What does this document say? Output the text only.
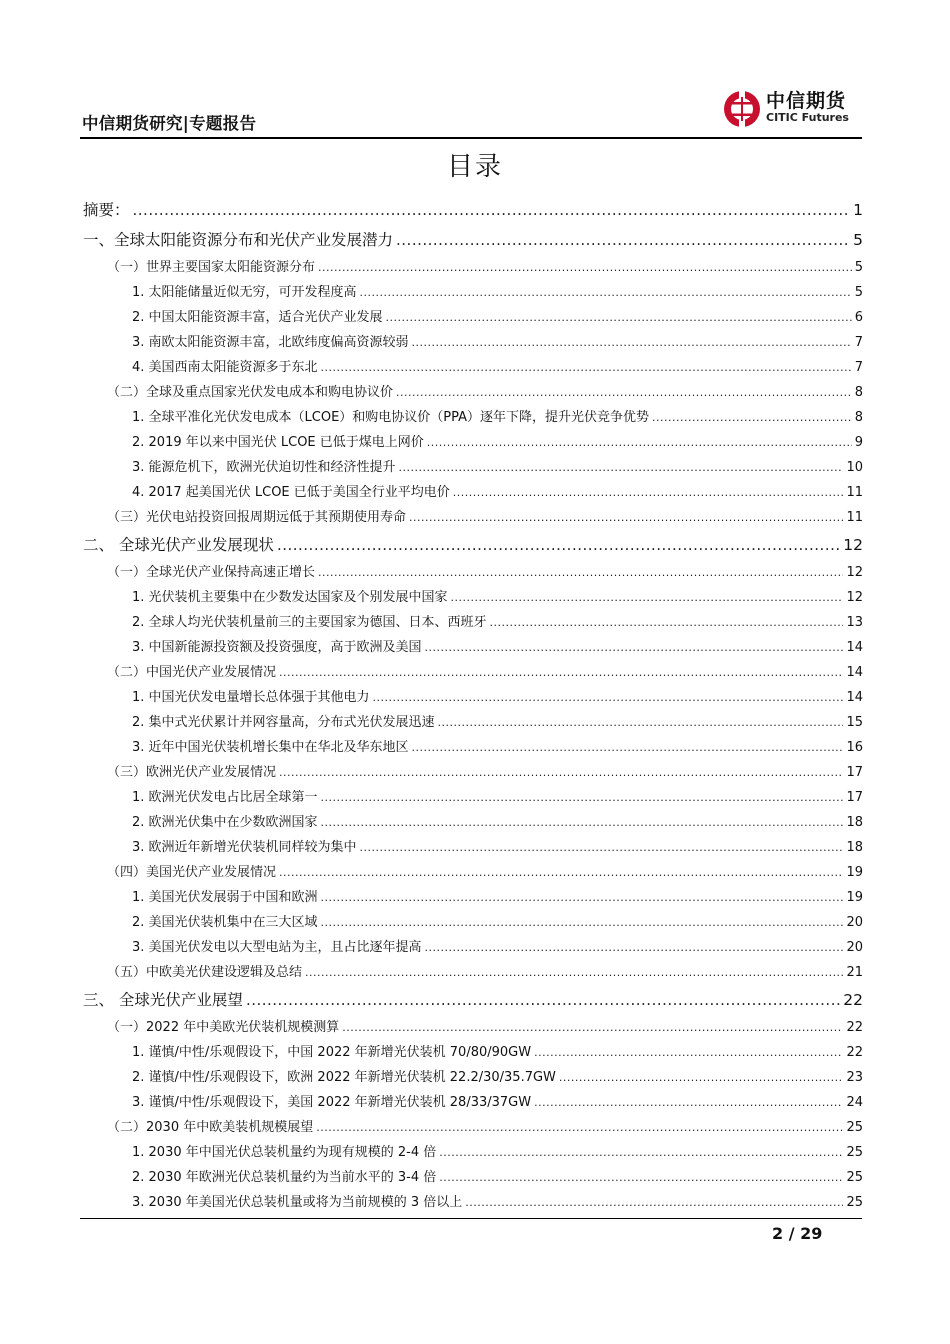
中信期货研究|专题报告
中信期货
CITIC Futures
目录
摘要： .....	1
一、全球太阳能资源分布和光伏产业发展潜力 .....	5
（一）世界主要国家太阳能资源分布 .....	5
1. 太阳能储量近似无穷，可开发程度高 .....	5
2. 中国太阳能资源丰富，适合光伏产业发展 .....	6
3. 南欧太阳能资源丰富，北欧纬度偏高资源较弱 .....	7
4. 美国西南太阳能资源多于东北 .....	7
（二）全球及重点国家光伏发电成本和购电协议价 .....	8
1. 全球平准化光伏发电成本（LCOE）和购电协议价（PPA）逐年下降，提升光伏竞争优势 .....	8
2. 2019 年以来中国光伏 LCOE 已低于煤电上网价 .....	9
3. 能源危机下，欧洲光伏迫切性和经济性提升 .....	10
4. 2017 起美国光伏 LCOE 已低于美国全行业平均电价 .....	11
（三）光伏电站投资回报周期远低于其预期使用寿命 .....	11
二、 全球光伏产业发展现状 .....	12
（一）全球光伏产业保持高速正增长 .....	12
1. 光伏装机主要集中在少数发达国家及个别发展中国家 .....	12
2. 全球人均光伏装机量前三的主要国家为德国、日本、西班牙 .....	13
3. 中国新能源投资额及投资强度，高于欧洲及美国 .....	14
（二）中国光伏产业发展情况 .....	14
1. 中国光伏发电量增长总体强于其他电力 .....	14
2. 集中式光伏累计并网容量高，分布式光伏发展迅速 .....	15
3. 近年中国光伏装机增长集中在华北及华东地区 .....	16
（三）欧洲光伏产业发展情况 .....	17
1. 欧洲光伏发电占比居全球第一 .....	17
2. 欧洲光伏集中在少数欧洲国家 .....	18
3. 欧洲近年新增光伏装机同样较为集中 .....	18
（四）美国光伏产业发展情况 .....	19
1. 美国光伏发展弱于中国和欧洲 .....	19
2. 美国光伏装机集中在三大区域 .....	20
3. 美国光伏发电以大型电站为主，且占比逐年提高 .....	20
（五）中欧美光伏建设逻辑及总结 .....	21
三、 全球光伏产业展望 .....	22
（一）2022 年中美欧光伏装机规模测算 .....	22
1. 谨慎/中性/乐观假设下，中国 2022 年新增光伏装机 70/80/90GW .....	22
2. 谨慎/中性/乐观假设下，欧洲 2022 年新增光伏装机 22.2/30/35.7GW .....	23
3. 谨慎/中性/乐观假设下，美国 2022 年新增光伏装机 28/33/37GW .....	24
（二）2030 年中欧美装机规模展望 .....	25
1. 2030 年中国光伏总装机量约为现有规模的 2-4 倍 .....	25
2. 2030 年欧洲光伏总装机量约为当前水平的 3-4 倍 .....	25
3. 2030 年美国光伏总装机量或将为当前规模的 3 倍以上 .....	25
2 / 29
